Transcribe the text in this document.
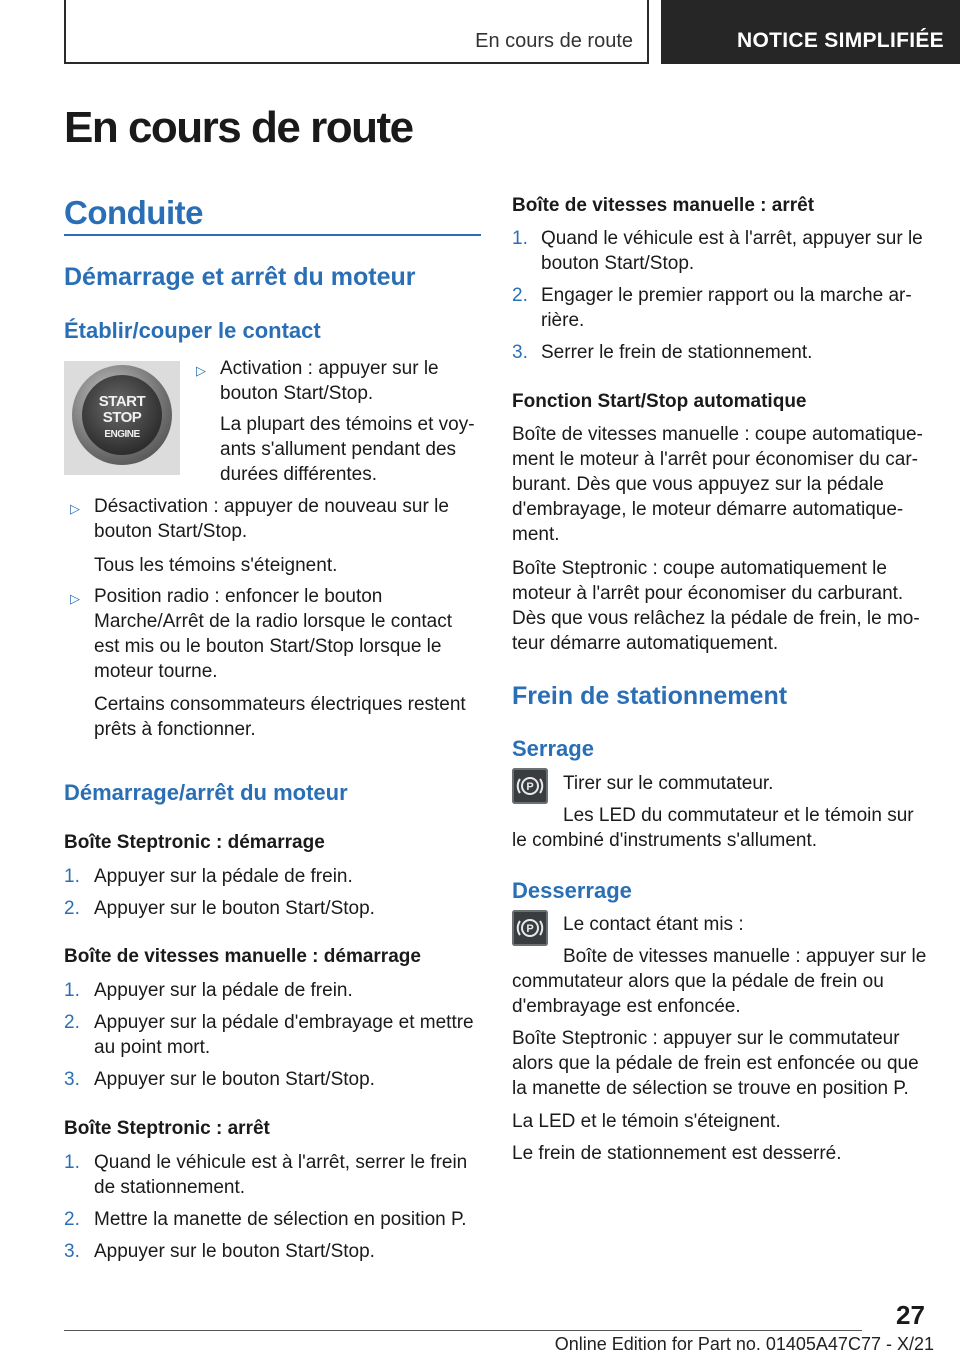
En cours de route	NOTICE SIMPLIFIÉE
En cours de route
Conduite
Démarrage et arrêt du moteur
Établir/couper le contact
START
STOP
ENGINE
▷ Activation : appuyer sur le bouton Start/Stop.
La plupart des témoins et voyants s'allument pendant des durées différentes.
▷ Désactivation : appuyer de nouveau sur le bouton Start/Stop.
Tous les témoins s'éteignent.
▷ Position radio : enfoncer le bouton Marche/Arrêt de la radio lorsque le contact est mis ou le bouton Start/Stop lorsque le moteur tourne.
Certains consommateurs électriques restent prêts à fonctionner.
Démarrage/arrêt du moteur
Boîte Steptronic : démarrage
1. Appuyer sur la pédale de frein.
2. Appuyer sur le bouton Start/Stop.
Boîte de vitesses manuelle : démarrage
1. Appuyer sur la pédale de frein.
2. Appuyer sur la pédale d'embrayage et mettre au point mort.
3. Appuyer sur le bouton Start/Stop.
Boîte Steptronic : arrêt
1. Quand le véhicule est à l'arrêt, serrer le frein de stationnement.
2. Mettre la manette de sélection en position P.
3. Appuyer sur le bouton Start/Stop.
Boîte de vitesses manuelle : arrêt
1. Quand le véhicule est à l'arrêt, appuyer sur le bouton Start/Stop.
2. Engager le premier rapport ou la marche arrière.
3. Serrer le frein de stationnement.
Fonction Start/Stop automatique
Boîte de vitesses manuelle : coupe automatiquement le moteur à l'arrêt pour économiser du carburant. Dès que vous appuyez sur la pédale d'embrayage, le moteur démarre automatiquement.
Boîte Steptronic : coupe automatiquement le moteur à l'arrêt pour économiser du carburant. Dès que vous relâchez la pédale de frein, le moteur démarre automatiquement.
Frein de stationnement
Serrage
P Tirer sur le commutateur.
Les LED du commutateur et le témoin sur
le combiné d'instruments s'allument.
Desserrage
P Le contact étant mis :
Boîte de vitesses manuelle : appuyer sur le
commutateur alors que la pédale de frein ou d'embrayage est enfoncée.
Boîte Steptronic : appuyer sur le commutateur alors que la pédale de frein est enfoncée ou que la manette de sélection se trouve en position P.
La LED et le témoin s'éteignent.
Le frein de stationnement est desserré.
27
Online Edition for Part no. 01405A47C77 - X/21
